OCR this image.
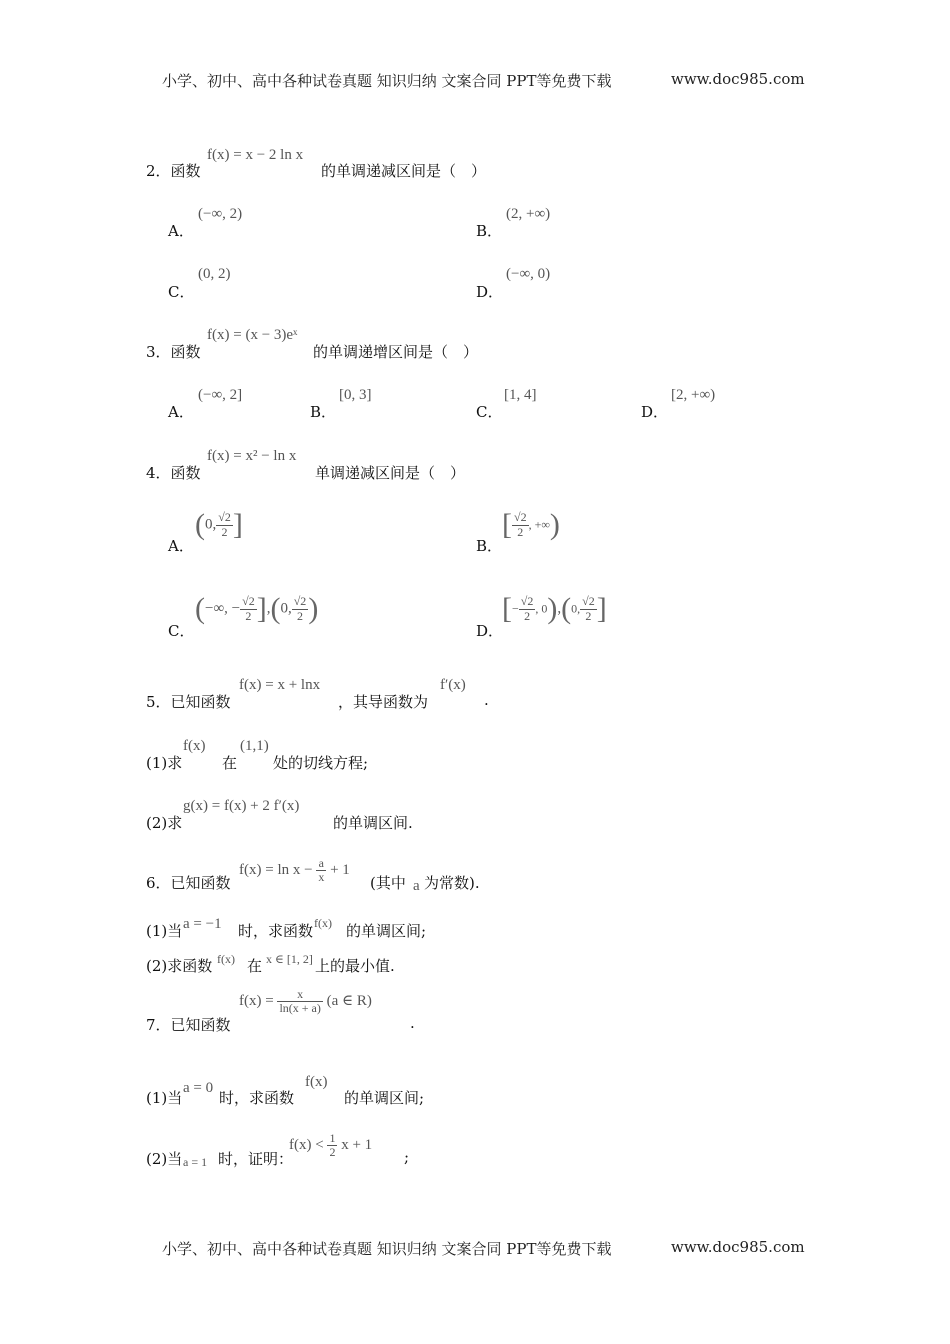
小学、初中、高中各种试卷真题 知识归纳 文案合同 PPT等免费下载	www.doc985.com
2．函数
f(x) = x − 2 ln x
的单调递减区间是（　）
A．
(−∞, 2)
B．
(2, +∞)
C．
(0, 2)
D．
(−∞, 0)
3．函数
f(x) = (x − 3)eˣ
的单调递增区间是（　）
A．
(−∞, 2]
B．
[0, 3]
C．
[1, 4]
D．
[2, +∞)
4．函数
f(x) = x² − ln x
单调递减区间是（　）
A．
(0, $\frac{√2}{2}$ ]
B．
[ $\frac{√2}{2}$ , +∞)
C．
(−∞, − $\frac{√2}{2} ],(0$, $\frac{√2}{2}$ )
D．
[− $\frac{√2}{2}$ , 0),(0, $\frac{√2}{2}$ ]
5．已知函数
f(x) = x + lnx
，其导函数为
f′(x)
.
(1)求
f(x)
在
(1,1)
处的切线方程;
(2)求
g(x) = f(x) + 2 f′(x)
的单调区间.
6．已知函数
$f(x) = \ln x - \frac{a}{x} + 1$
(其中 a 为常数).
(1)当 a = −1 时，求函数 f(x) 的单调区间;
(2)求函数 f(x) 在 x ∈ [1, 2] 上的最小值.
7．已知函数
$f(x) = \frac{x}{\ln(x + a)} (a$ ∈ R)
.
(1)当
a = 0
时，求函数
f(x)
的单调区间;
(2)当 a = 1 时，证明：
$f(x) < \frac{1}{2}$ x + 1
;
小学、初中、高中各种试卷真题 知识归纳 文案合同 PPT等免费下载	www.doc985.com
